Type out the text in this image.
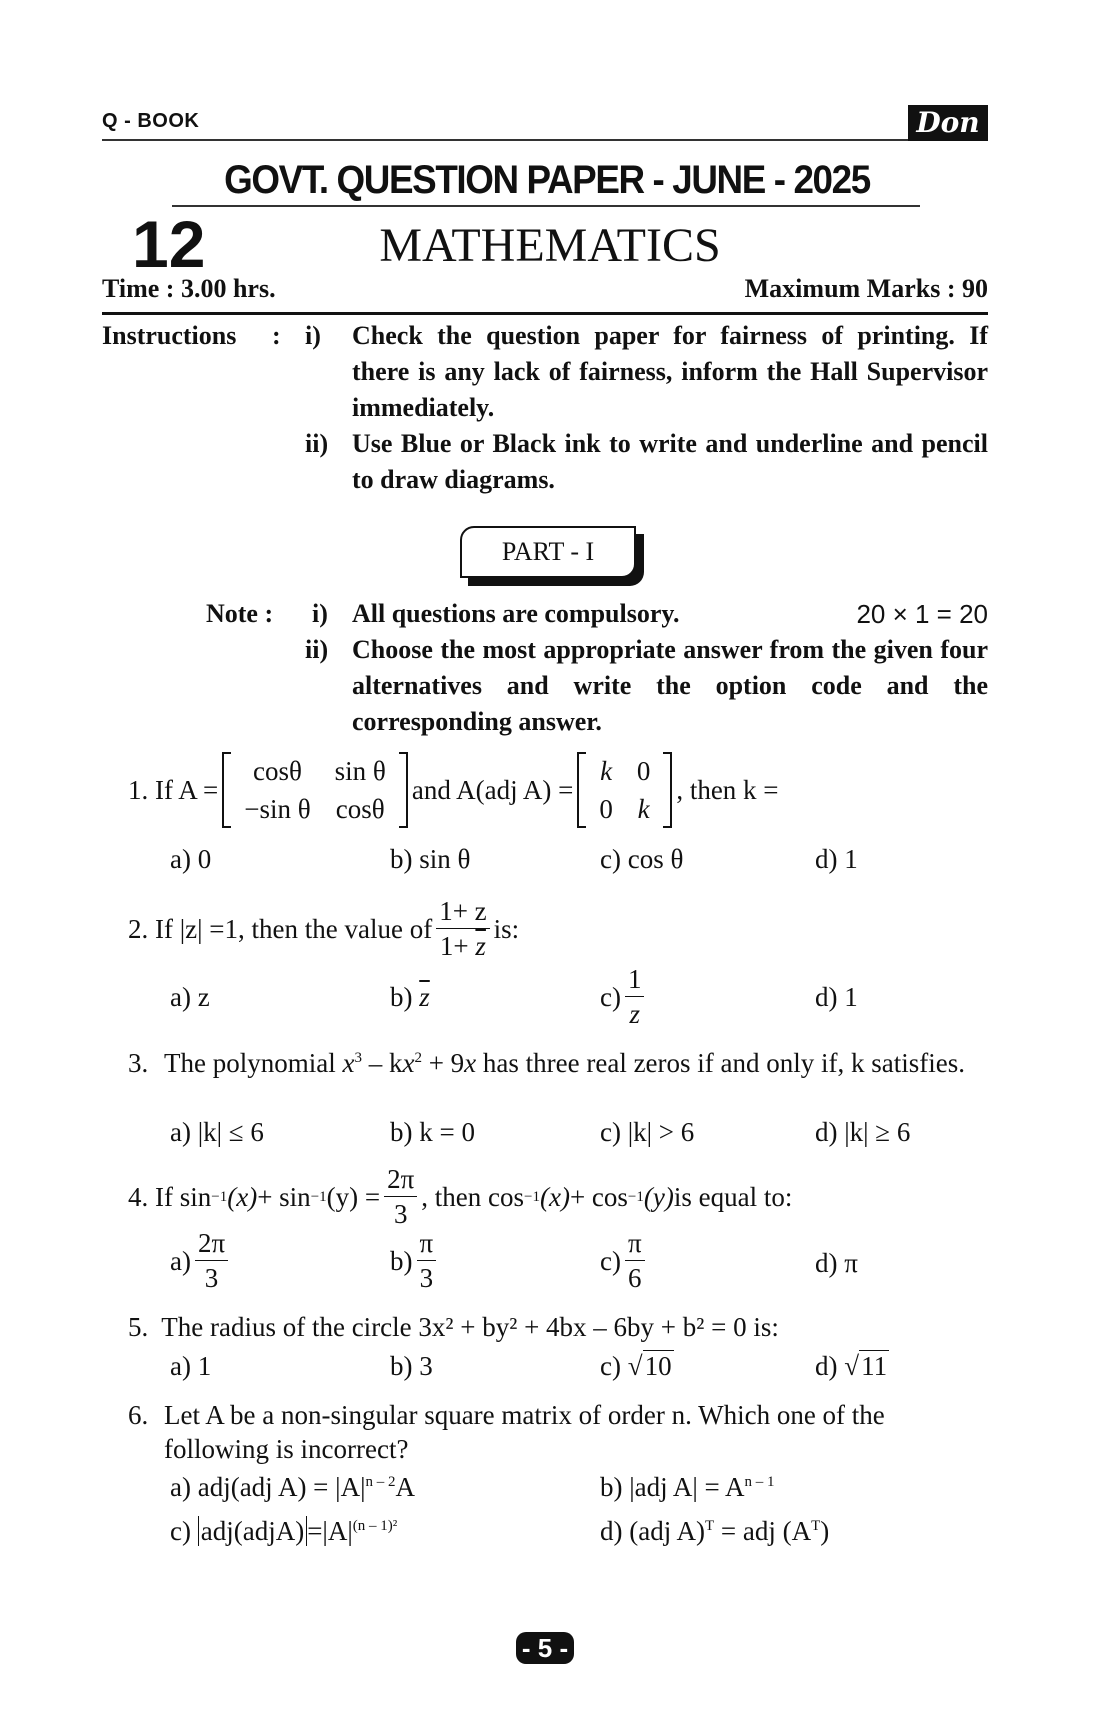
Q - BOOK	Don
GOVT. QUESTION PAPER - JUNE - 2025
12	MATHEMATICS
Time : 3.00 hrs.	Maximum Marks : 90
Instructions : i) Check the question paper for fairness of printing. If there is any lack of fairness, inform the Hall Supervisor immediately.
ii) Use Blue or Black ink to write and underline and pencil to draw diagrams.
PART - I
Note : i) All questions are compulsory.	20 × 1 = 20
ii) Choose the most appropriate answer from the given four alternatives and write the option code and the corresponding answer.
1.
If A =
cosθ	sin θ
−sin θ	cosθ
and A(adj A) =
k	0
0	k
, then k =
a) 0	b) sin θ	c) cos θ	d) 1
2.
If |z| =1, then the value of $\frac{1+ z}{1+ \overline{z}}$ is:
a) z	b) $\overline{z}$	$c) \frac{1}{z}$	d) 1
3. The polynomial $x^3 - kx^2 + 9x$ has three real zeros if and only if, k satisfies.
a) |k| ≤ 6	b) k = 0	c) |k| > 6	d) |k| ≥ 6
4.
If sin −1 (x) + sin −1 $(y) = \frac{2\pi}{3}$ , then cos −1 (x) + cos −1 (y) is equal to:
$a) \frac{2\pi}{3}$	$b) \frac{\pi}{3}$	$c) \frac{\pi}{6}$	d) π
5. The radius of the circle 3x² + by² + 4bx – 6by + b² = 0 is:
a) 1	b) 3	c) √10	d) √11
6. Let A be a non-singular square matrix of order n. Which one of the following is incorrect?
a) adj(adj $A) = |A|^{n - 2}A$	b) |adj $A| = A^{n - 1}$
c) adj(adjA) $=|A|^{(n - 1)^2}$	d) (adj A)$^T$ = adj $(A^T)$
- 5 -
